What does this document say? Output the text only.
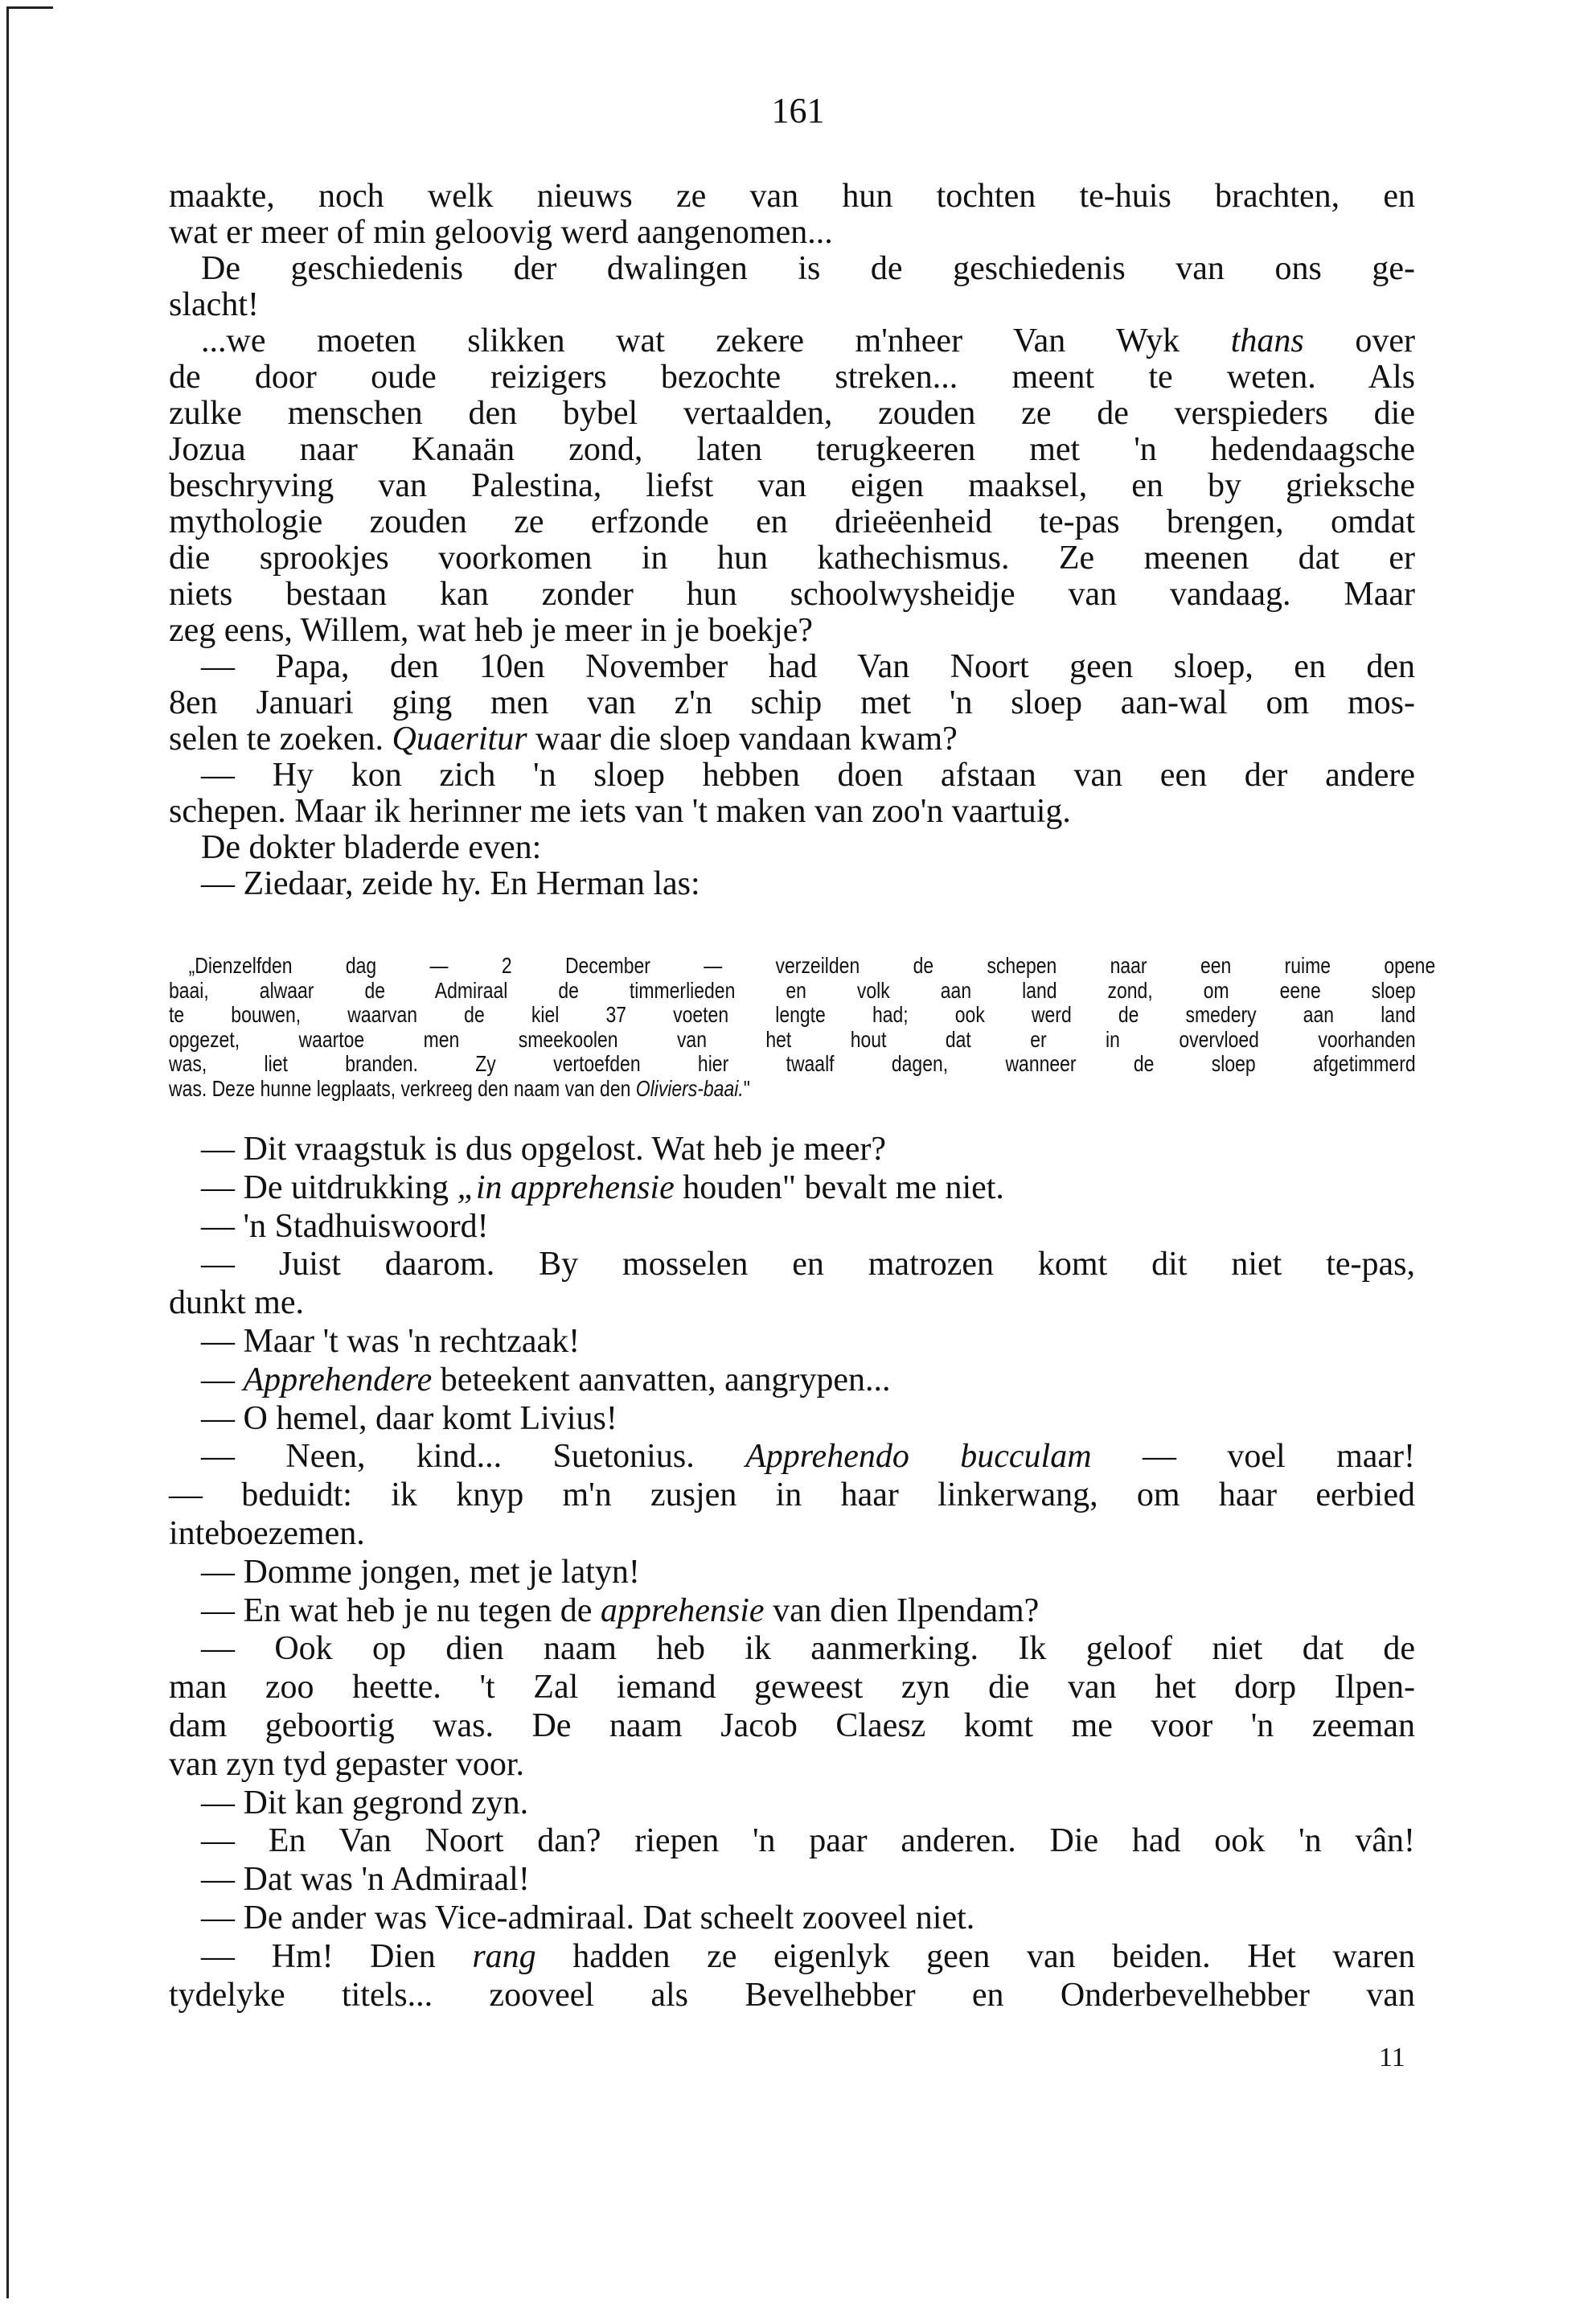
161
maakte, noch welk nieuws ze van hun tochten te-huis brachten, en
wat er meer of min geloovig werd aangenomen...
De geschiedenis der dwalingen is de geschiedenis van ons ge-
slacht!
...we moeten slikken wat zekere m'nheer Van Wyk thans over
de door oude reizigers bezochte streken... meent te weten. Als
zulke menschen den bybel vertaalden, zouden ze de verspieders die
Jozua naar Kanaän zond, laten terugkeeren met 'n hedendaagsche
beschryving van Palestina, liefst van eigen maaksel, en by grieksche
mythologie zouden ze erfzonde en drieëenheid te-pas brengen, omdat
die sprookjes voorkomen in hun kathechismus. Ze meenen dat er
niets bestaan kan zonder hun schoolwysheidje van vandaag. Maar
zeg eens, Willem, wat heb je meer in je boekje?
— Papa, den 10en November had Van Noort geen sloep, en den
8en Januari ging men van z'n schip met 'n sloep aan-wal om mos-
selen te zoeken. Quaeritur waar die sloep vandaan kwam?
— Hy kon zich 'n sloep hebben doen afstaan van een der andere
schepen. Maar ik herinner me iets van 't maken van zoo'n vaartuig.
De dokter bladerde even:
— Ziedaar, zeide hy. En Herman las:
„Dienzelfden dag — 2 December — verzeilden de schepen naar een ruime opene
baai, alwaar de Admiraal de timmerlieden en volk aan land zond, om eene sloep
te bouwen, waarvan de kiel 37 voeten lengte had; ook werd de smedery aan land
opgezet, waartoe men smeekoolen van het hout dat er in overvloed voorhanden
was, liet branden. Zy vertoefden hier twaalf dagen, wanneer de sloep afgetimmerd
was. Deze hunne legplaats, verkreeg den naam van den Oliviers-baai."
— Dit vraagstuk is dus opgelost. Wat heb je meer?
— De uitdrukking „in apprehensie houden" bevalt me niet.
— 'n Stadhuiswoord!
— Juist daarom. By mosselen en matrozen komt dit niet te-pas,
dunkt me.
— Maar 't was 'n rechtzaak!
— Apprehendere beteekent aanvatten, aangrypen...
— O hemel, daar komt Livius!
— Neen, kind... Suetonius. Apprehendo bucculam — voel maar!
— beduidt: ik knyp m'n zusjen in haar linkerwang, om haar eerbied
inteboezemen.
— Domme jongen, met je latyn!
— En wat heb je nu tegen de apprehensie van dien Ilpendam?
— Ook op dien naam heb ik aanmerking. Ik geloof niet dat de
man zoo heette. 't Zal iemand geweest zyn die van het dorp Ilpen-
dam geboortig was. De naam Jacob Claesz komt me voor 'n zeeman
van zyn tyd gepaster voor.
— Dit kan gegrond zyn.
— En Van Noort dan? riepen 'n paar anderen. Die had ook 'n vân!
— Dat was 'n Admiraal!
— De ander was Vice-admiraal. Dat scheelt zooveel niet.
— Hm! Dien rang hadden ze eigenlyk geen van beiden. Het waren
tydelyke titels... zooveel als Bevelhebber en Onderbevelhebber van
11
